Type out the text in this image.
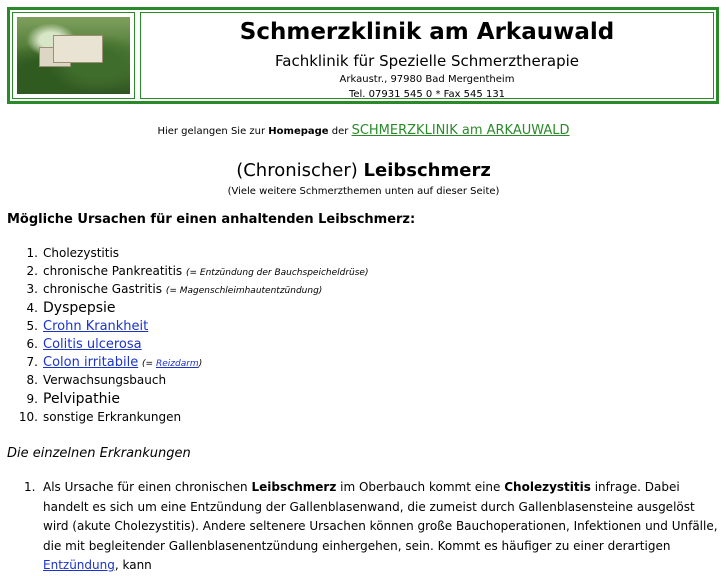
Schmerzklinik am Arkauwald
Fachklinik für Spezielle Schmerztherapie
Arkaustr., 97980 Bad Mergentheim
Tel. 07931 545 0 * Fax 545 131
Hier gelangen Sie zur Homepage der SCHMERZKLINIK am ARKAUWALD
(Chronischer) Leibschmerz
(Viele weitere Schmerzthemen unten auf dieser Seite)
Mögliche Ursachen für einen anhaltenden Leibschmerz:
1. Cholezystitis
2. chronische Pankreatitis (= Entzündung der Bauchspeicheldrüse)
3. chronische Gastritis (= Magenschleimhautentzündung)
4. Dyspepsie
5. Crohn Krankheit
6. Colitis ulcerosa
7. Colon irritabile (= Reizdarm)
8. Verwachsungsbauch
9. Pelvipathie
10. sonstige Erkrankungen
Die einzelnen Erkrankungen
1. Als Ursache für einen chronischen Leibschmerz im Oberbauch kommt eine Cholezystitis infrage. Dabei handelt es sich um eine Entzündung der Gallenblasenwand, die zumeist durch Gallenblasensteine ausgelöst wird (akute Cholezystitis). Andere seltenere Ursachen können große Bauchoperationen, Infektionen und Unfälle, die mit begleitender Gallenblasenentzündung einhergehen, sein. Kommt es häufiger zu einer derartigen Entzündung, kann
